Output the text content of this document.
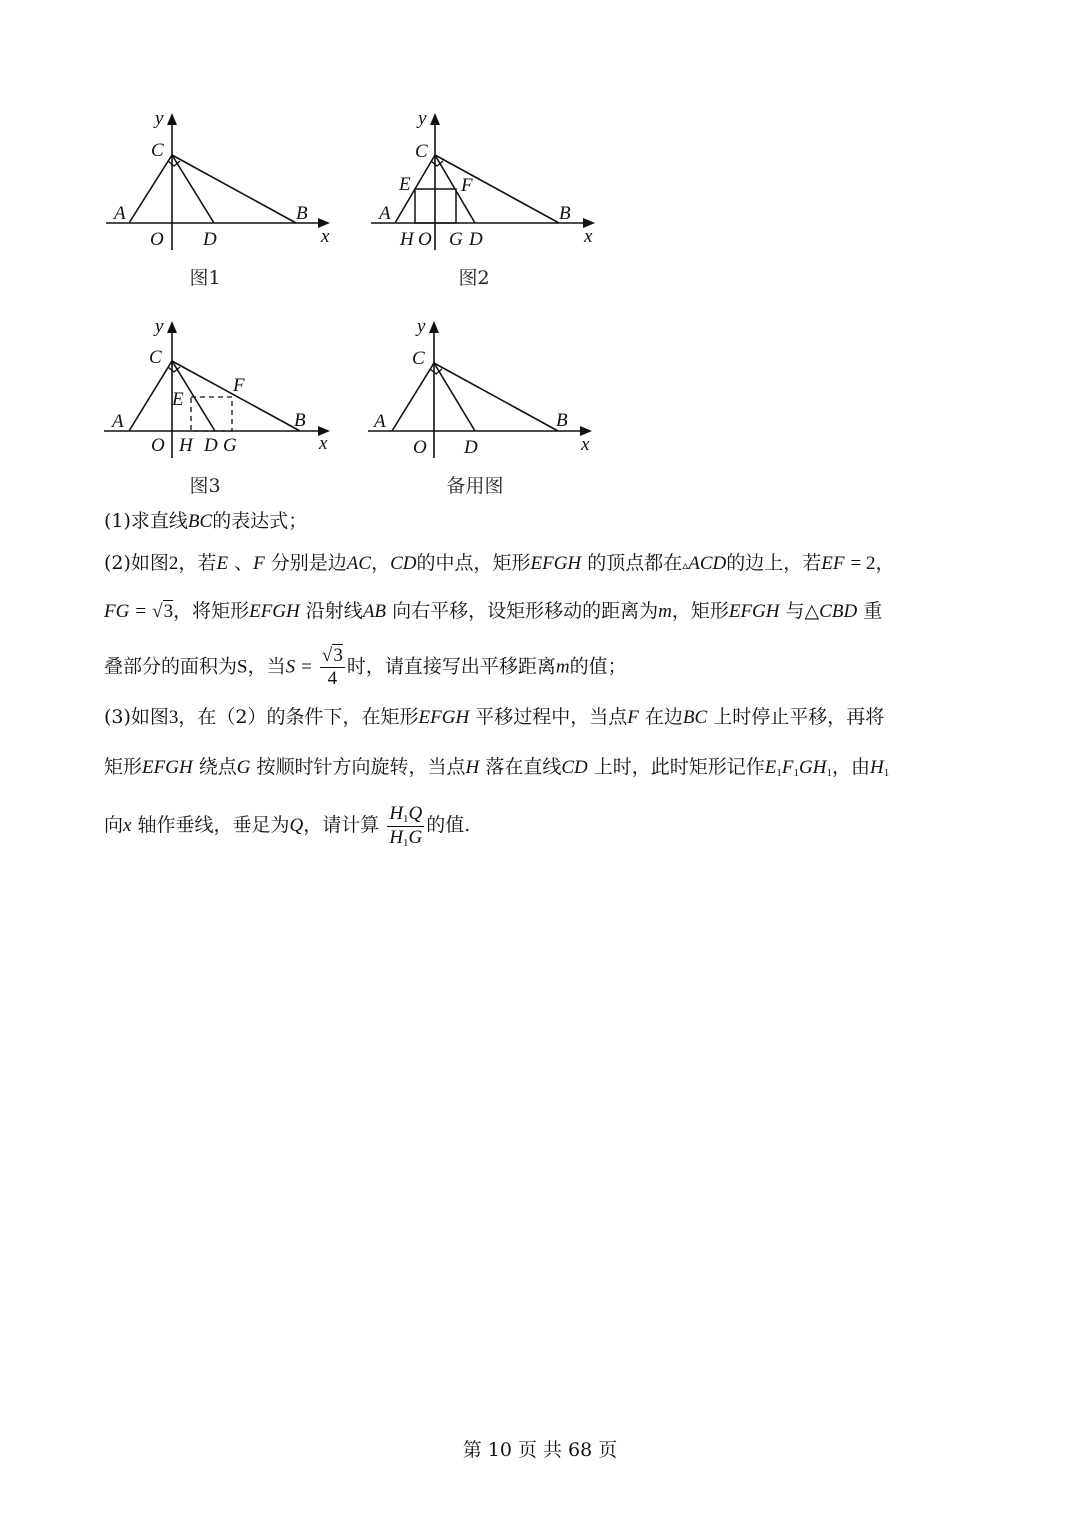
y
C
A	B
O D	x
图1
y
C
E	F
A	B
H O G D	x
图2
y
C
E
F
A	B
O H D G	x
图3
y
C
A	B
O D	x
备用图
(1)求直线BC的表达式；
(2)如图2，若E 、F 分别是边AC，CD的中点，矩形EFGH 的顶点都在▵ACD的边上，若EF = 2，
FG = √3，将矩形EFGH 沿射线AB 向右平移，设矩形移动的距离为m，矩形EFGH 与△CBD 重
叠部分的面积为S，当$S = \frac{√3}{4}$ 时，请直接写出平移距离m的值；
(3)如图3，在（2）的条件下，在矩形EFGH 平移过程中，当点F 在边BC 上时停止平移，再将
矩形EFGH 绕点G 按顺时针方向旋转，当点H 落在直线CD 上时，此时矩形记作$E_1F_1GH_1$，由$H_1$
向x 轴作垂线，垂足为Q，请计算 $\frac{H_1Q}{H_1G}$ 的值.
第 10 页 共 68 页
